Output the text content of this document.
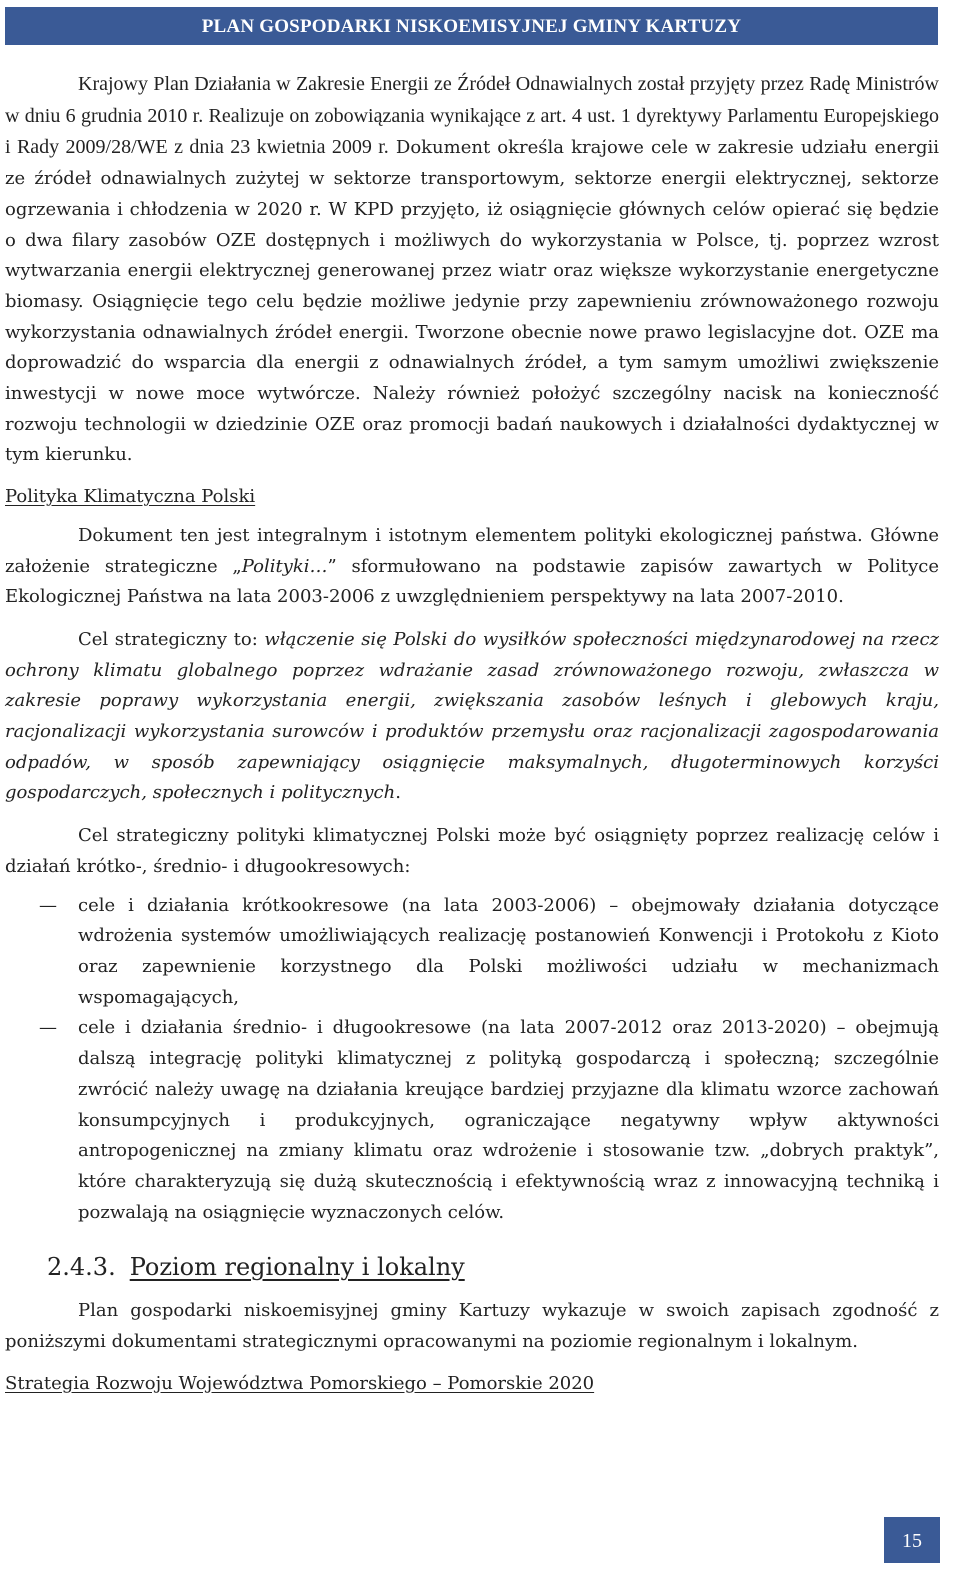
PLAN GOSPODARKI NISKOEMISYJNEJ GMINY KARTUZY

Krajowy Plan Działania w Zakresie Energii ze Źródeł Odnawialnych został przyjęty przez Radę Ministrów w dniu 6 grudnia 2010 r. Realizuje on zobowiązania wynikające z art. 4 ust. 1 dyrektywy Parlamentu Europejskiego i Rady 2009/28/WE z dnia 23 kwietnia 2009 r. Dokument określa krajowe cele w zakresie udziału energii ze źródeł odnawialnych zużytej w sektorze transportowym, sektorze energii elektrycznej, sektorze ogrzewania i chłodzenia w 2020 r. W KPD przyjęto, iż osiągnięcie głównych celów opierać się będzie o dwa filary zasobów OZE dostępnych i możliwych do wykorzystania w Polsce, tj. poprzez wzrost wytwarzania energii elektrycznej generowanej przez wiatr oraz większe wykorzystanie energetyczne biomasy. Osiągnięcie tego celu będzie możliwe jedynie przy zapewnieniu zrównoważonego rozwoju wykorzystania odnawialnych źródeł energii. Tworzone obecnie nowe prawo legislacyjne dot. OZE ma doprowadzić do wsparcia dla energii z odnawialnych źródeł, a tym samym umożliwi zwiększenie inwestycji w nowe moce wytwórcze. Należy również położyć szczególny nacisk na konieczność rozwoju technologii w dziedzinie OZE oraz promocji badań naukowych i działalności dydaktycznej w tym kierunku.

Polityka Klimatyczna Polski

Dokument ten jest integralnym i istotnym elementem polityki ekologicznej państwa. Główne założenie strategiczne „Polityki…” sformułowano na podstawie zapisów zawartych w Polityce Ekologicznej Państwa na lata 2003-2006 z uwzględnieniem perspektywy na lata 2007-2010.

Cel strategiczny to: włączenie się Polski do wysiłków społeczności międzynarodowej na rzecz ochrony klimatu globalnego poprzez wdrażanie zasad zrównoważonego rozwoju, zwłaszcza w zakresie poprawy wykorzystania energii, zwiększania zasobów leśnych i glebowych kraju, racjonalizacji wykorzystania surowców i produktów przemysłu oraz racjonalizacji zagospodarowania odpadów, w sposób zapewniający osiągnięcie maksymalnych, długoterminowych korzyści gospodarczych, społecznych i politycznych.

Cel strategiczny polityki klimatycznej Polski może być osiągnięty poprzez realizację celów i działań krótko-, średnio- i długookresowych:

— cele i działania krótkookresowe (na lata 2003-2006) – obejmowały działania dotyczące wdrożenia systemów umożliwiających realizację postanowień Konwencji i Protokołu z Kioto oraz zapewnienie korzystnego dla Polski możliwości udziału w mechanizmach wspomagających,
— cele i działania średnio- i długookresowe (na lata 2007-2012 oraz 2013-2020) – obejmują dalszą integrację polityki klimatycznej z polityką gospodarczą i społeczną; szczególnie zwrócić należy uwagę na działania kreujące bardziej przyjazne dla klimatu wzorce zachowań konsumpcyjnych i produkcyjnych, ograniczające negatywny wpływ aktywności antropogenicznej na zmiany klimatu oraz wdrożenie i stosowanie tzw. „dobrych praktyk”, które charakteryzują się dużą skutecznością i efektywnością wraz z innowacyjną techniką i pozwalają na osiągnięcie wyznaczonych celów.
2.4.3. Poziom regionalny i lokalny

Plan gospodarki niskoemisyjnej gminy Kartuzy wykazuje w swoich zapisach zgodność z poniższymi dokumentami strategicznymi opracowanymi na poziomie regionalnym i lokalnym.

Strategia Rozwoju Województwa Pomorskiego – Pomorskie 2020

15
